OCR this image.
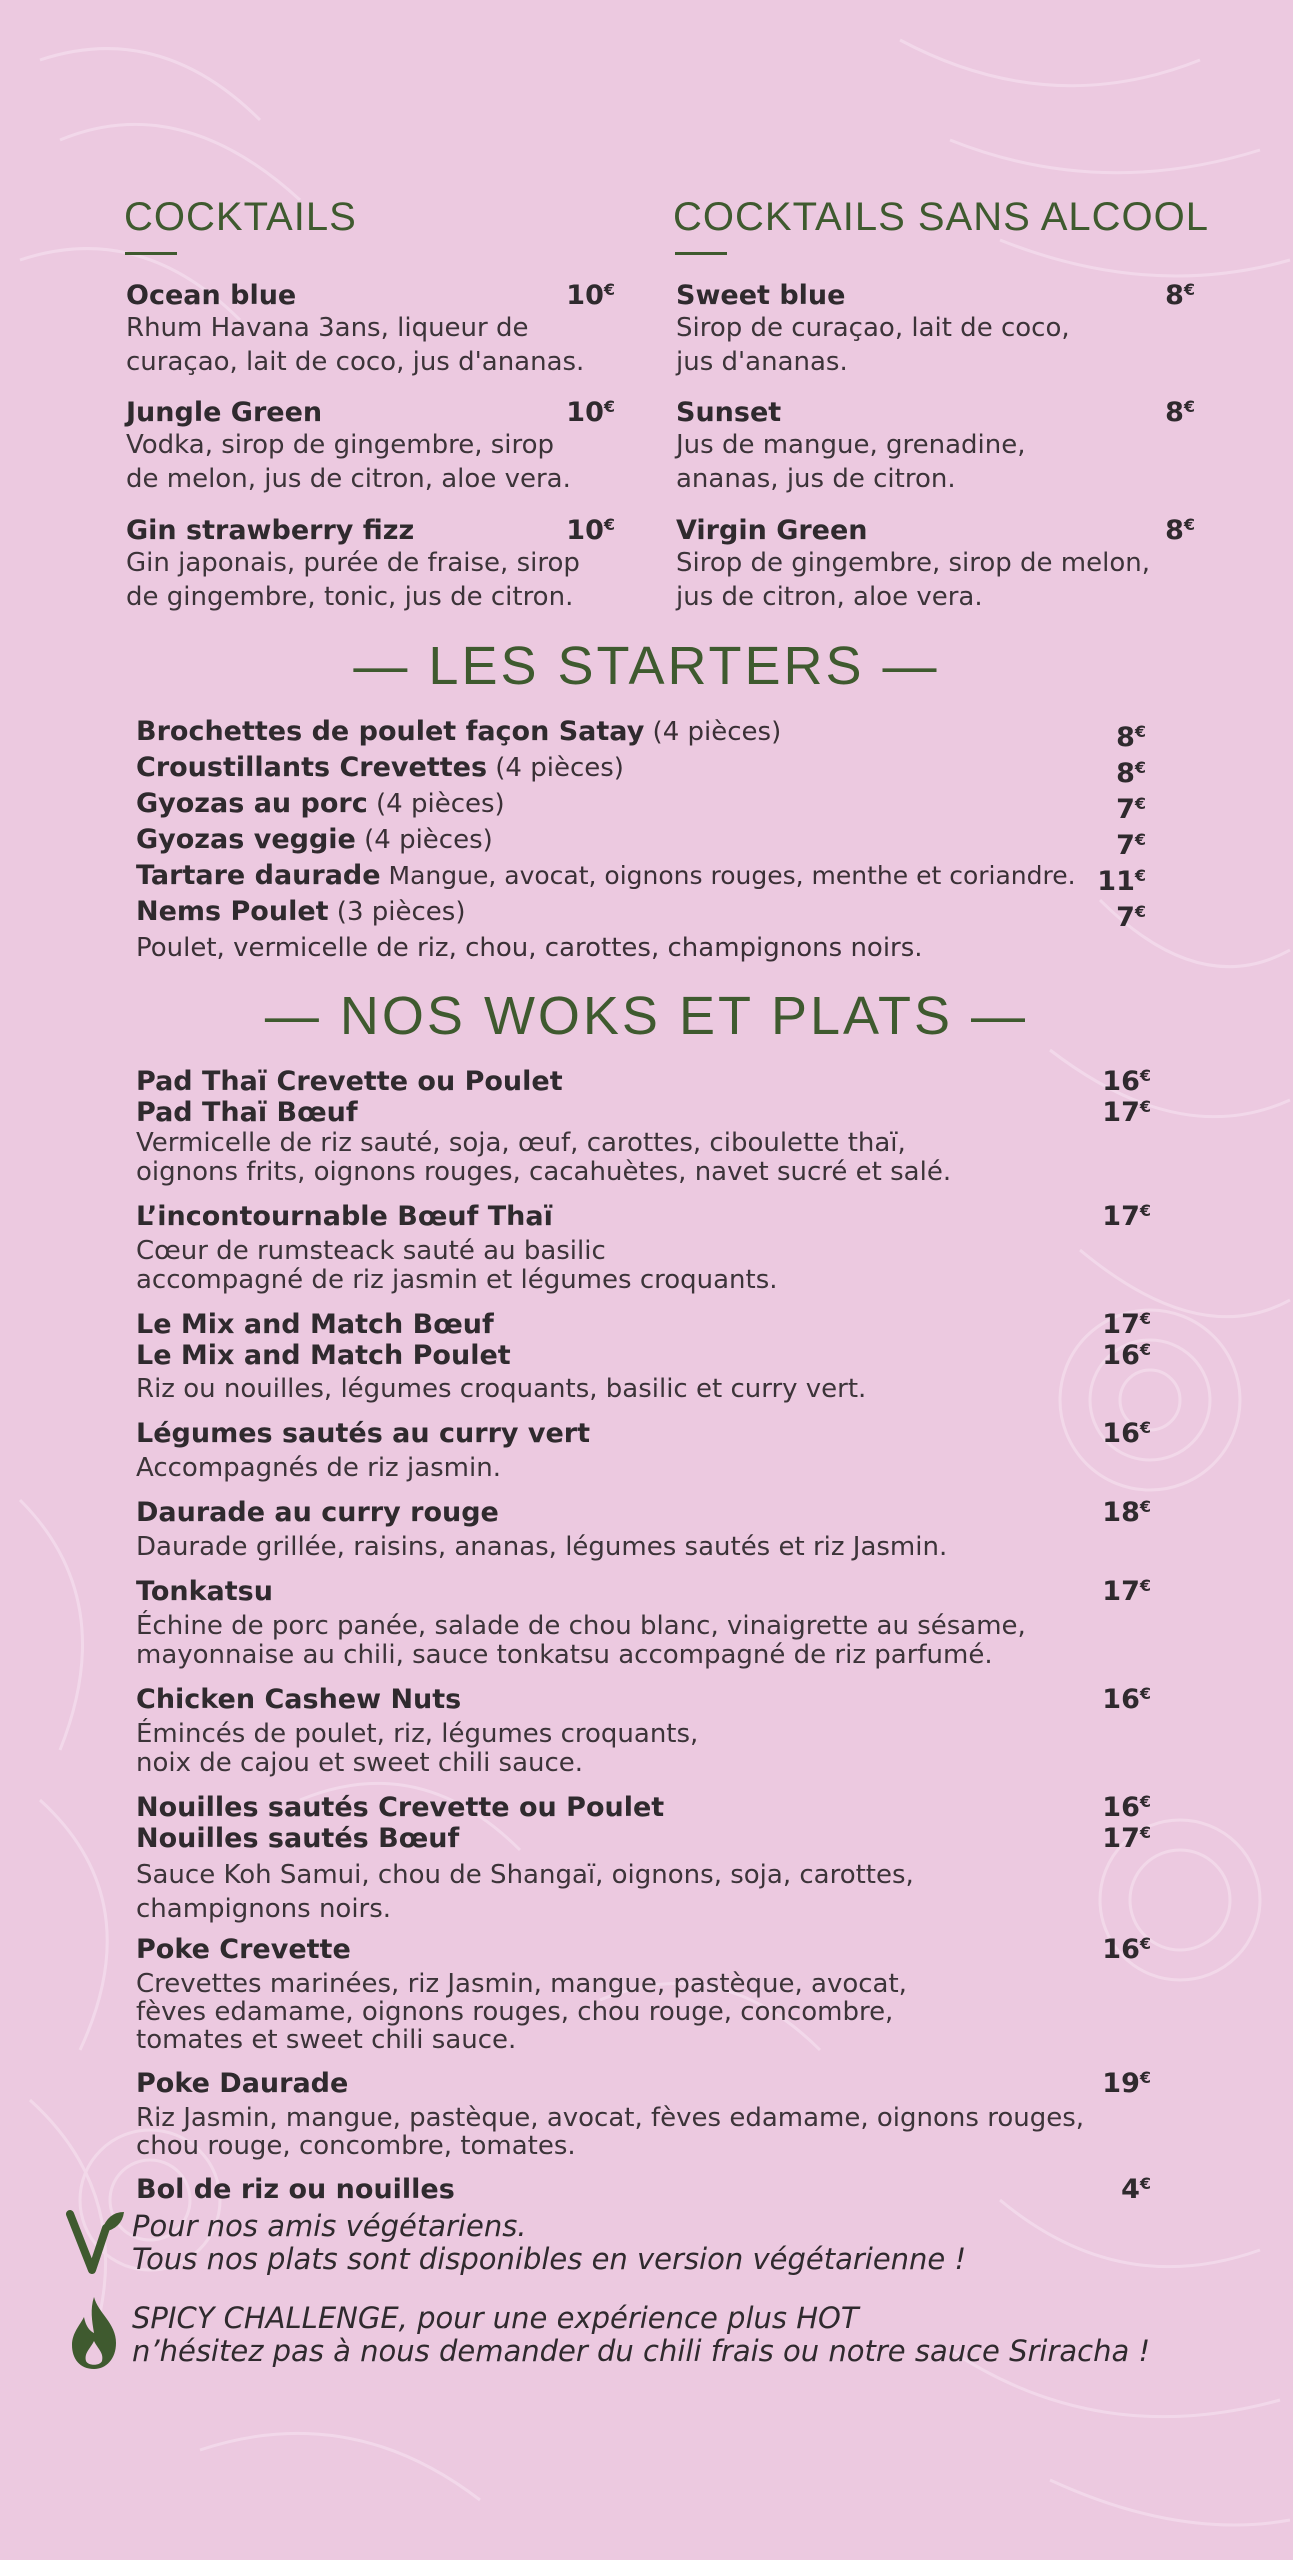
COCKTAILS	COCKTAILS SANS ALCOOL
Ocean blue
Rhum Havana 3ans, liqueur de
curaçao, lait de coco, jus d'ananas.
10€
Jungle Green
Vodka, sirop de gingembre, sirop
de melon, jus de citron, aloe vera.
10€
Gin strawberry fizz
Gin japonais, purée de fraise, sirop
de gingembre, tonic, jus de citron.
10€
Sweet blue
Sirop de curaçao, lait de coco,
jus d'ananas.
8€
Sunset
Jus de mangue, grenadine,
ananas, jus de citron.
8€
Virgin Green
Sirop de gingembre, sirop de melon,
jus de citron, aloe vera.
8€
— LES STARTERS —
Brochettes de poulet façon Satay (4 pièces)	8€
Croustillants Crevettes (4 pièces)	8€
Gyozas au porc (4 pièces)	7€
Gyozas veggie (4 pièces)	7€
Tartare daurade Mangue, avocat, oignons rouges, menthe et coriandre. 11€
Nems Poulet (3 pièces)	7€
Poulet, vermicelle de riz, chou, carottes, champignons noirs.
— NOS WOKS ET PLATS —
Pad Thaï Crevette ou Poulet	16€
Pad Thaï Bœuf	17€
Vermicelle de riz sauté, soja, œuf, carottes, ciboulette thaï,
oignons frits, oignons rouges, cacahuètes, navet sucré et salé.
L’incontournable Bœuf Thaï	17€
Cœur de rumsteack sauté au basilic
accompagné de riz jasmin et légumes croquants.
Le Mix and Match Bœuf	17€
Le Mix and Match Poulet	16€
Riz ou nouilles, légumes croquants, basilic et curry vert.
Légumes sautés au curry vert	16€
Accompagnés de riz jasmin.
Daurade au curry rouge	18€
Daurade grillée, raisins, ananas, légumes sautés et riz Jasmin.
Tonkatsu	17€
Échine de porc panée, salade de chou blanc, vinaigrette au sésame,
mayonnaise au chili, sauce tonkatsu accompagné de riz parfumé.
Chicken Cashew Nuts	16€
Émincés de poulet, riz, légumes croquants,
noix de cajou et sweet chili sauce.
Nouilles sautés Crevette ou Poulet	16€
Nouilles sautés Bœuf	17€
Sauce Koh Samui, chou de Shangaï, oignons, soja, carottes,
champignons noirs.
Poke Crevette	16€
Crevettes marinées, riz Jasmin, mangue, pastèque, avocat,
fèves edamame, oignons rouges, chou rouge, concombre,
tomates et sweet chili sauce.
Poke Daurade	19€
Riz Jasmin, mangue, pastèque, avocat, fèves edamame, oignons rouges,
chou rouge, concombre, tomates.
Bol de riz ou nouilles	4€
Pour nos amis végétariens.
Tous nos plats sont disponibles en version végétarienne !
SPICY CHALLENGE, pour une expérience plus HOT
n’hésitez pas à nous demander du chili frais ou notre sauce Sriracha !
